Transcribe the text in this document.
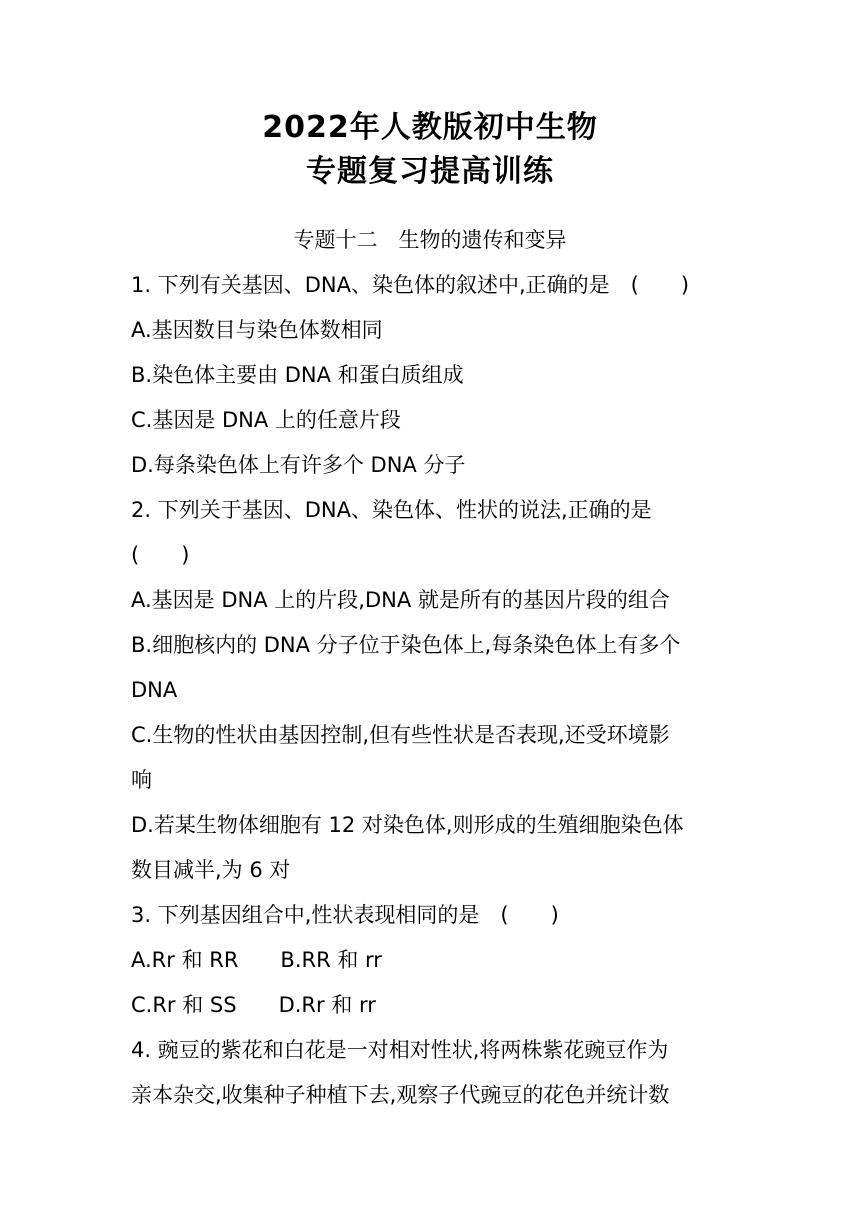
2022年人教版初中生物
专题复习提高训练
专题十二　生物的遗传和变异
1. 下列有关基因、DNA、染色体的叙述中,正确的是　(　　)
A.基因数目与染色体数相同
B.染色体主要由 DNA 和蛋白质组成
C.基因是 DNA 上的任意片段
D.每条染色体上有许多个 DNA 分子
2. 下列关于基因、DNA、染色体、性状的说法,正确的是
(　　)
A.基因是 DNA 上的片段,DNA 就是所有的基因片段的组合
B.细胞核内的 DNA 分子位于染色体上,每条染色体上有多个
DNA
C.生物的性状由基因控制,但有些性状是否表现,还受环境影
响
D.若某生物体细胞有 12 对染色体,则形成的生殖细胞染色体
数目减半,为 6 对
3. 下列基因组合中,性状表现相同的是　(　　)
A.Rr 和 RR　　B.RR 和 rr
C.Rr 和 SS　　D.Rr 和 rr
4. 豌豆的紫花和白花是一对相对性状,将两株紫花豌豆作为
亲本杂交,收集种子种植下去,观察子代豌豆的花色并统计数
